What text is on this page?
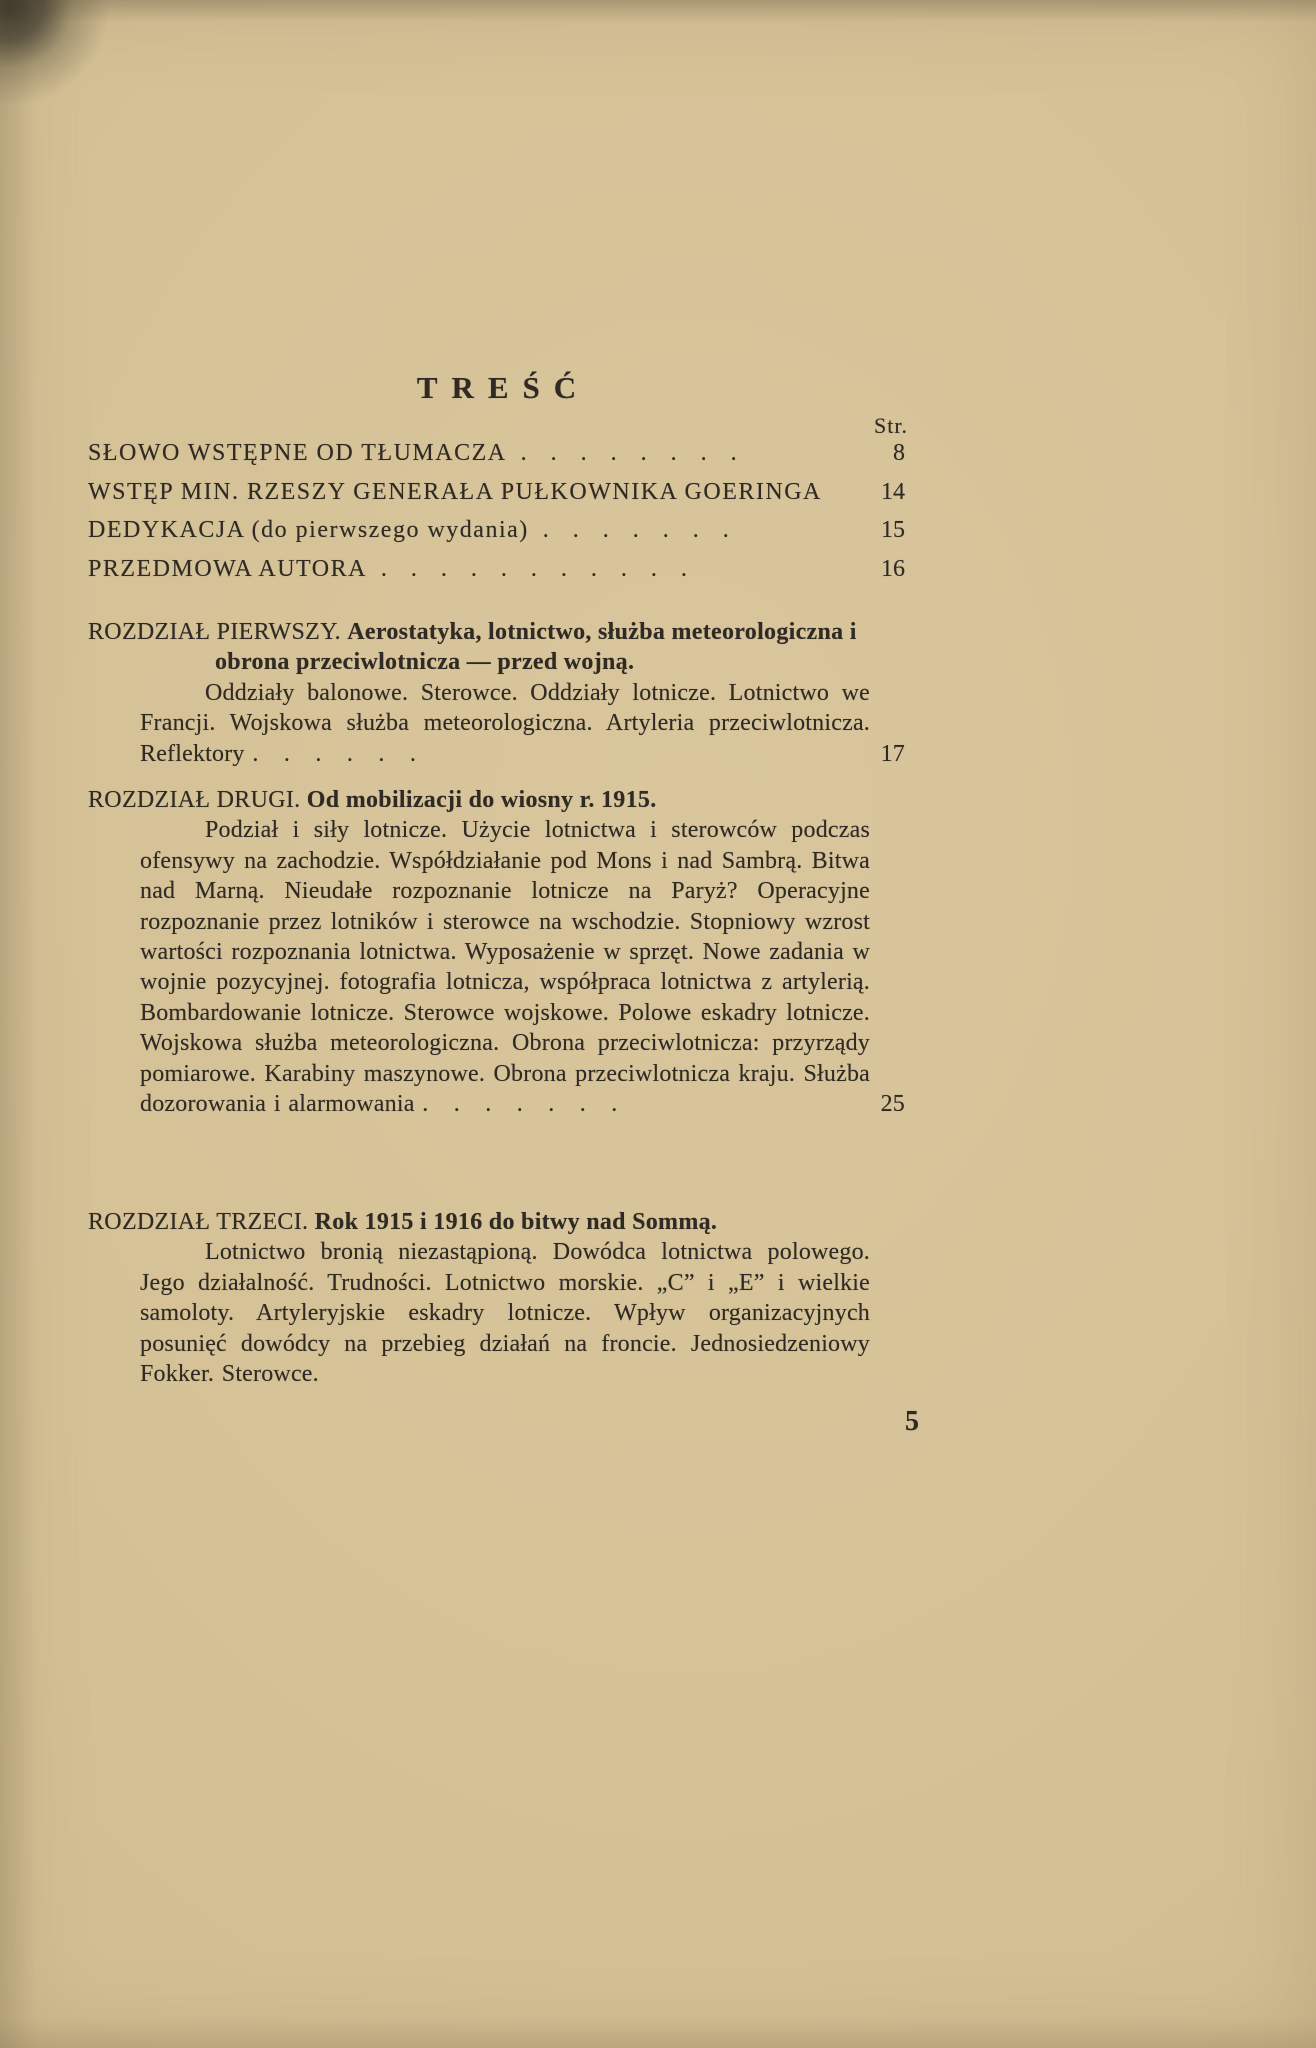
TREŚĆ
Str.
SŁOWO WSTĘPNE OD TŁUMACZA . . . . . . . .	8
WSTĘP MIN. RZESZY GENERAŁA PUŁKOWNIKA GOERINGA	14
DEDYKACJA (do pierwszego wydania) . . . . . . .	15
PRZEDMOWA AUTORA . . . . . . . . . . .	16

ROZDZIAŁ PIERWSZY. Aerostatyka, lotnictwo, służba meteorologiczna i obrona przeciwlotnicza — przed wojną.

Oddziały balonowe. Sterowce. Oddziały lotnicze. Lotnictwo we Francji. Wojskowa służba meteorologiczna. Artyleria przeciwlotnicza. Reflektory . . . . . .	17

ROZDZIAŁ DRUGI. Od mobilizacji do wiosny r. 1915.

Podział i siły lotnicze. Użycie lotnictwa i sterowców podczas ofensywy na zachodzie. Współdziałanie pod Mons i nad Sambrą. Bitwa nad Marną. Nieudałe rozpoznanie lotnicze na Paryż? Operacyjne rozpoznanie przez lotników i sterowce na wschodzie. Stopniowy wzrost wartości rozpoznania lotnictwa. Wyposażenie w sprzęt. Nowe zadania w wojnie pozycyjnej. fotografia lotnicza, współpraca lotnictwa z artylerią. Bombardowanie lotnicze. Sterowce wojskowe. Polowe eskadry lotnicze. Wojskowa służba meteorologiczna. Obrona przeciwlotnicza: przyrządy pomiarowe. Karabiny maszynowe. Obrona przeciwlotnicza kraju. Służba dozorowania i alarmowania . . . . . . .	25

ROZDZIAŁ TRZECI. Rok 1915 i 1916 do bitwy nad Sommą.

Lotnictwo bronią niezastąpioną. Dowódca lotnictwa polowego. Jego działalność. Trudności. Lotnictwo morskie. „C” i „E” i wielkie samoloty. Artyleryjskie eskadry lotnicze. Wpływ organizacyjnych posunięć dowódcy na przebieg działań na froncie. Jednosiedzeniowy Fokker. Sterowce.

5
